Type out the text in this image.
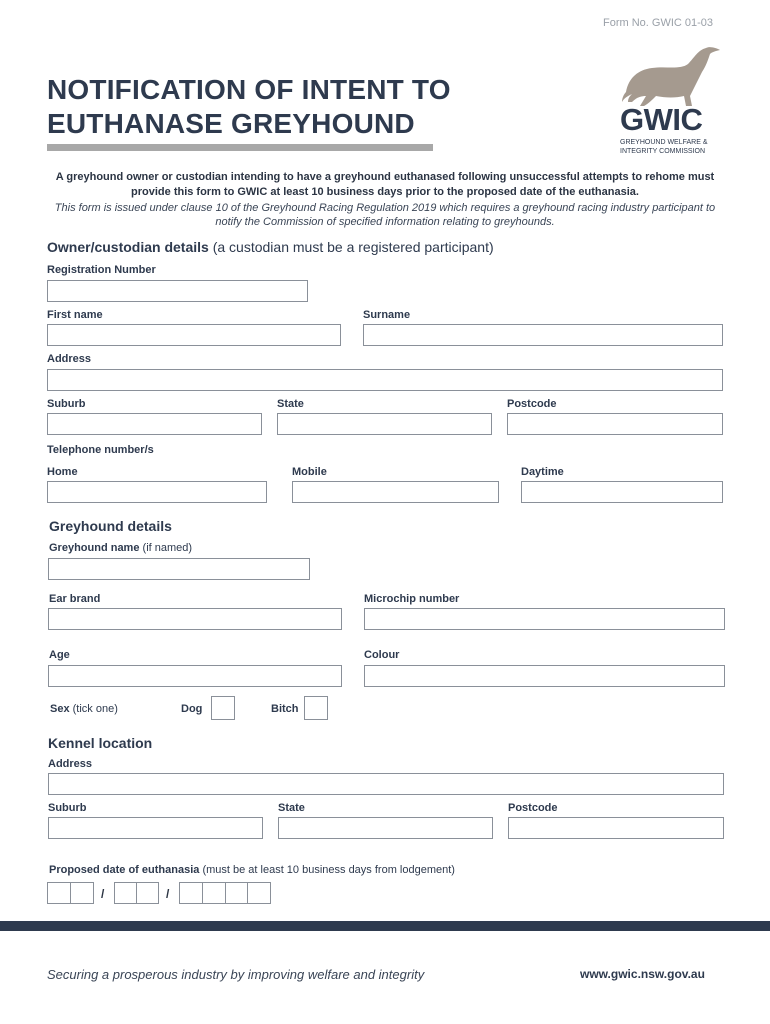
Form No. GWIC 01-03
NOTIFICATION OF INTENT TO
EUTHANASE GREYHOUND	GWIC
GREYHOUND WELFARE &
INTEGRITY COMMISSION
A greyhound owner or custodian intending to have a greyhound euthanased following unsuccessful attempts to rehome must provide this form to GWIC at least 10 business days prior to the proposed date of the euthanasia.
This form is issued under clause 10 of the Greyhound Racing Regulation 2019 which requires a greyhound racing industry participant to notify the Commission of specified information relating to greyhounds.
Owner/custodian details (a custodian must be a registered participant)
Registration Number
First name	Surname
Address
Suburb	State	Postcode
Telephone number/s
Home	Mobile	Daytime
Greyhound details
Greyhound name (if named)
Ear brand	Microchip number
Age	Colour
Sex (tick one)	Dog	Bitch
Kennel location
Address
Suburb	State	Postcode
Proposed date of euthanasia (must be at least 10 business days from lodgement)
/	/
Securing a prosperous industry by improving welfare and integrity	www.gwic.nsw.gov.au
